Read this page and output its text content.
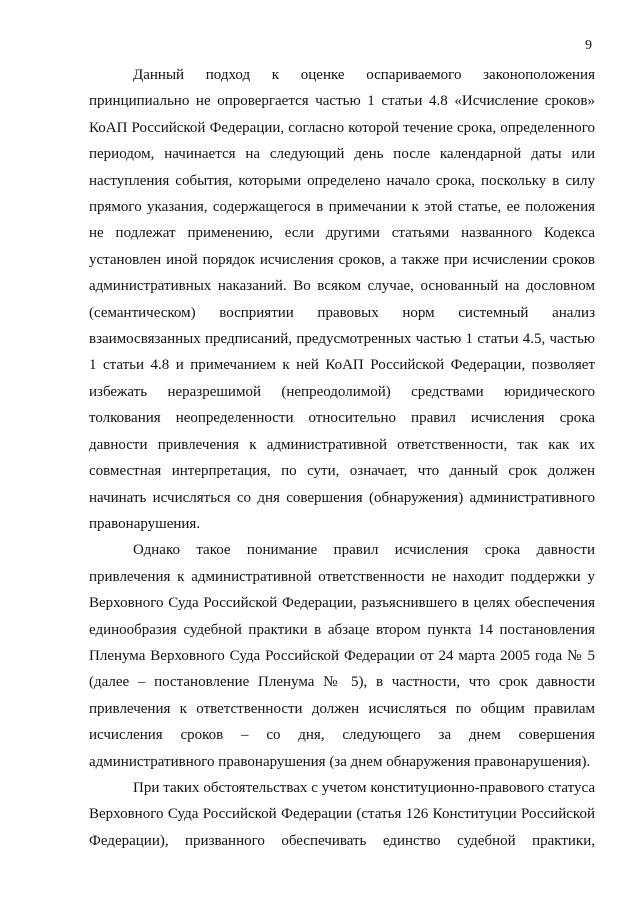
9

Данный подход к оценке оспариваемого законоположения принципиально не опровергается частью 1 статьи 4.8 «Исчисление сроков» КоАП Российской Федерации, согласно которой течение срока, определенного периодом, начинается на следующий день после календарной даты или наступления события, которыми определено начало срока, поскольку в силу прямого указания, содержащегося в примечании к этой статье, ее положения не подлежат применению, если другими статьями названного Кодекса установлен иной порядок исчисления сроков, а также при исчислении сроков административных наказаний. Во всяком случае, основанный на дословном (семантическом) восприятии правовых норм системный анализ взаимосвязанных предписаний, предусмотренных частью 1 статьи 4.5, частью 1 статьи 4.8 и примечанием к ней КоАП Российской Федерации, позволяет избежать неразрешимой (непреодолимой) средствами юридического толкования неопределенности относительно правил исчисления срока давности привлечения к административной ответственности, так как их совместная интерпретация, по сути, означает, что данный срок должен начинать исчисляться со дня совершения (обнаружения) административного правонарушения.

Однако такое понимание правил исчисления срока давности привлечения к административной ответственности не находит поддержки у Верховного Суда Российской Федерации, разъяснившего в целях обеспечения единообразия судебной практики в абзаце втором пункта 14 постановления Пленума Верховного Суда Российской Федерации от 24 марта 2005 года № 5 (далее – постановление Пленума № 5), в частности, что срок давности привлечения к ответственности должен исчисляться по общим правилам исчисления сроков – со дня, следующего за днем совершения административного правонарушения (за днем обнаружения правонарушения).

При таких обстоятельствах с учетом конституционно-правового статуса Верховного Суда Российской Федерации (статья 126 Конституции Российской Федерации), призванного обеспечивать единство судебной практики,
